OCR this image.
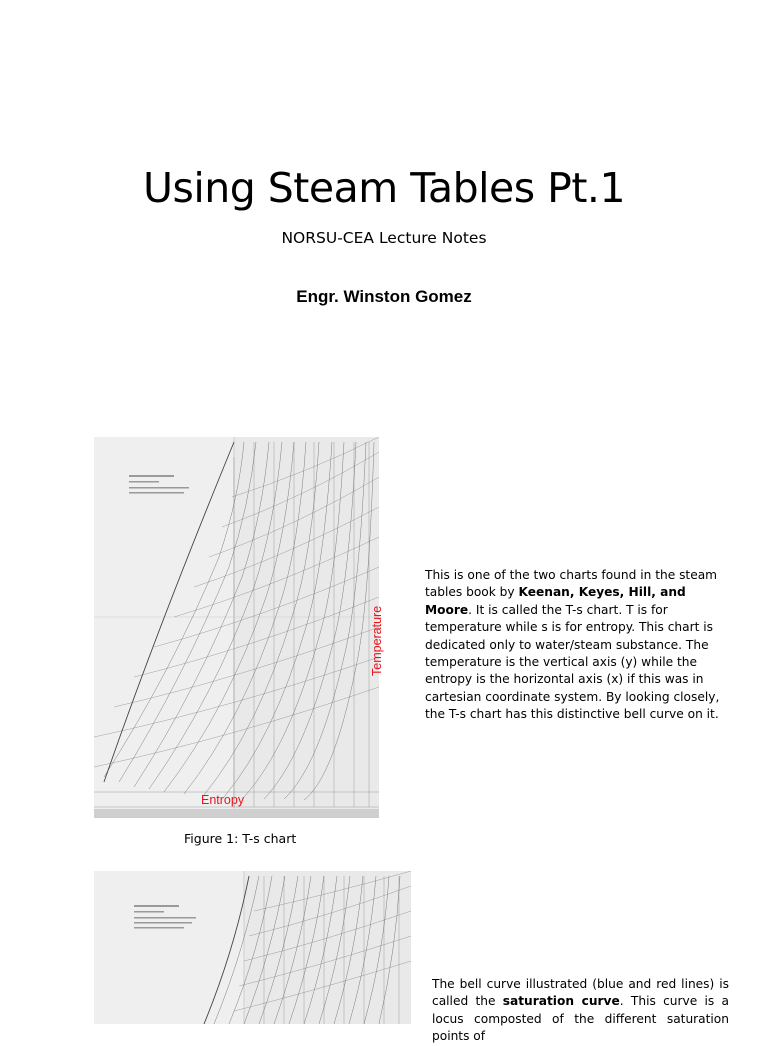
Using Steam Tables Pt.1
NORSU-CEA Lecture Notes
Engr. Winston Gomez
Temperature
Entropy
Figure 1: T-s chart
This is one of the two charts found in the steam tables book by Keenan, Keyes, Hill, and Moore. It is called the T-s chart. T is for temperature while s is for entropy. This chart is dedicated only to water/steam substance. The temperature is the vertical axis (y) while the entropy is the horizontal axis (x) if this was in cartesian coordinate system. By looking closely, the T-s chart has this distinctive bell curve on it.
The bell curve illustrated (blue and red lines) is called the saturation curve. This curve is a locus composted of the different saturation points of
